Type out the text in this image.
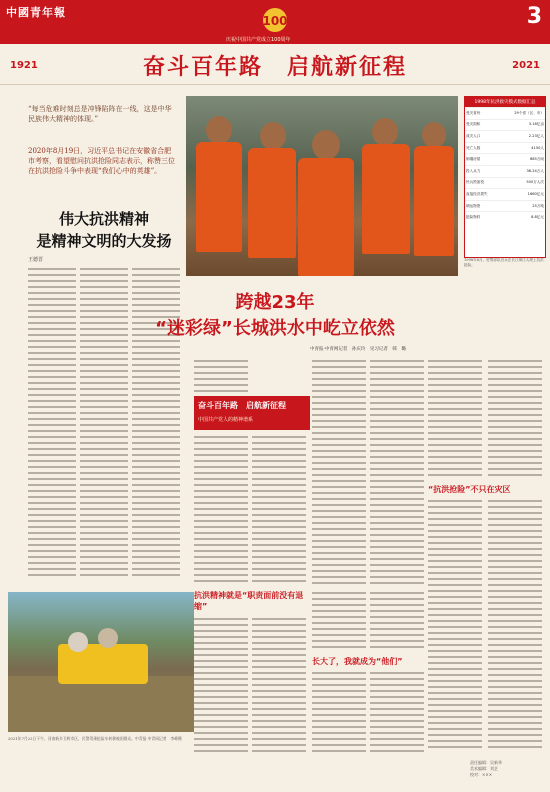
中國青年報
100
庆祝中国共产党成立100周年
3
1921	奋斗百年路　启航新征程	2021
“每当危难时刻总是冲锋陷阵在一线，这是中华民族伟大精神的体现。”
2020年8月19日，习近平总书记在安徽省合肥市考察，看望慰问抗洪抢险同志表示，称赞三位在抗洪抢险斗争中表现“我们心中的英雄”。
伟大抗洪精神
是精神文明的大发扬
王德晋
1998年抗洪救灾模式数据汇总
受灾省份	29个省（区、市）
受灾面积	3.18亿亩
成灾人口	2.23亿人
死亡人数	4150人
倒塌房屋	685万间
投入兵力	36.24万人
民兵预备役	500万人次
直接经济损失	1660亿元
调运物资	25万吨
抢险物料	8.8亿元
1998年8月，驻鄂部队官兵在长江荆江大堤上抗洪抢险。
跨越23年
“迷彩绿”长城洪水中屹立依然
中青报·中青网记者　孙庆玲　见习记者　韩　璐
奋斗百年路　启航新征程
中国共产党人的精神谱系
“抗洪抢险”不只在灾区
2021年7月22日下午，河南新乡卫辉市区，民警驾乘抢险车转移被困群众。中青报·中青网记者　李峥摄
抗洪精神就是“职责面前没有退缩”
长大了，我就成为“他们”
责任编辑：吴新华
美术编辑：刘艺
校对：×××
